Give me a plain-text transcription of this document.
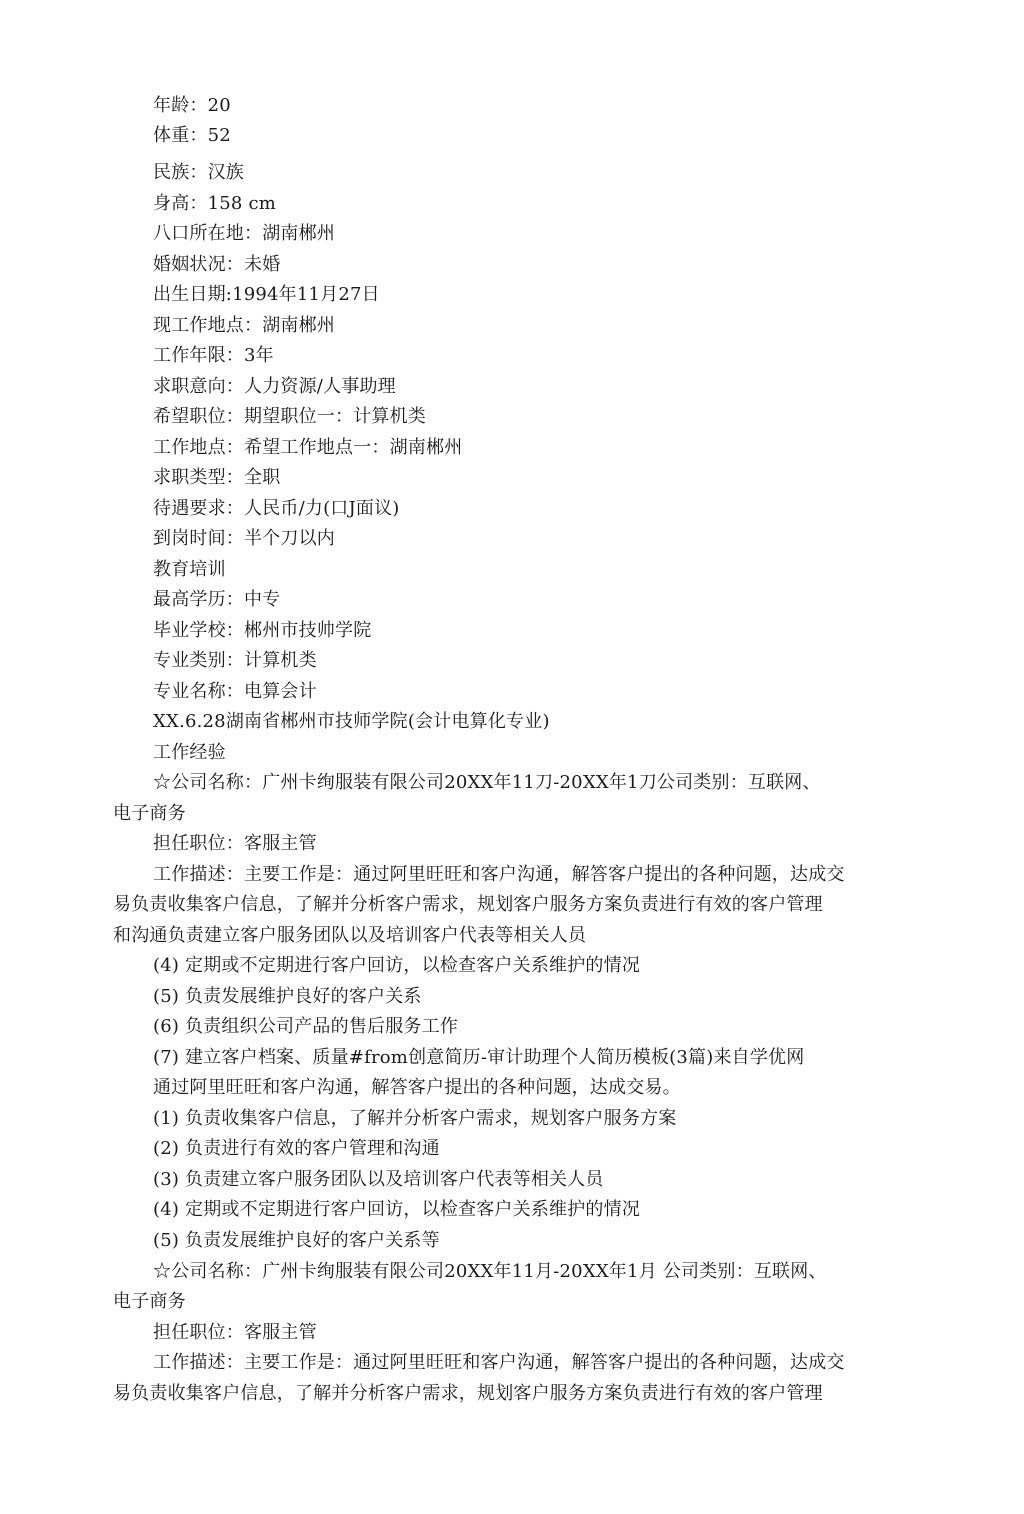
年龄：20
体重：52
民族：汉族
身高：158 cm
八口所在地：湖南郴州
婚姻状况：未婚
出生日期:1994年11月27日
现工作地点：湖南郴州
工作年限：3年
求职意向：人力资源/人事助理
希望职位：期望职位一：计算机类
工作地点：希望工作地点一：湖南郴州
求职类型：全职
待遇要求：人民币/力(口J面议)
到岗时间：半个刀以内
教育培训
最高学历：中专
毕业学校：郴州市技帅学院
专业类别：计算机类
专业名称：电算会计
XX.6.28湖南省郴州市技师学院(会计电算化专业)
工作经验
☆公司名称：广州卡绚服装有限公司20XX年11刀-20XX年1刀公司类别：互联网、
电子商务
担任职位：客服主管
工作描述：主要工作是：通过阿里旺旺和客户沟通，解答客户提出的各种问题，达成交
易负责收集客户信息，了解并分析客户需求，规划客户服务方案负责进行有效的客户管理
和沟通负责建立客户服务团队以及培训客户代表等相关人员
(4) 定期或不定期进行客户回访，以检查客户关系维护的情况
(5) 负责发展维护良好的客户关系
(6) 负责组织公司产品的售后服务工作
(7) 建立客户档案、质量#from创意简历-审计助理个人简历模板(3篇)来自学优网
通过阿里旺旺和客户沟通，解答客户提出的各种问题，达成交易。
(1) 负责收集客户信息，了解并分析客户需求，规划客户服务方案
(2) 负责进行有效的客户管理和沟通
(3) 负责建立客户服务团队以及培训客户代表等相关人员
(4) 定期或不定期进行客户回访，以检查客户关系维护的情况
(5) 负责发展维护良好的客户关系等
☆公司名称：广州卡绚服装有限公司20XX年11月-20XX年1月 公司类别：互联网、
电子商务
担任职位：客服主管
工作描述：主要工作是：通过阿里旺旺和客户沟通，解答客户提出的各种问题，达成交
易负责收集客户信息，了解并分析客户需求，规划客户服务方案负责进行有效的客户管理
